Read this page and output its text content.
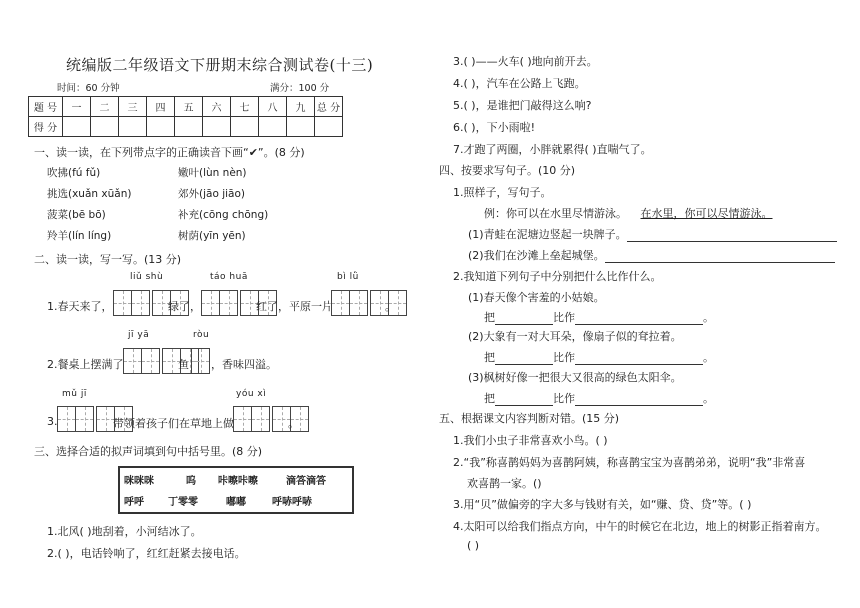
统编版二年级语文下册期末综合测试卷(十三)
时间：60 分钟	满分：100 分
题 号	一	二	三	四	五	六	七	八	九	总 分
得 分										
一、读一读，在下列带点字的正确读音下画“✔”。(8 分)
吹拂(fú fǔ)	嫩叶(lùn nèn)
挑选(xuǎn xūǎn)	郊外(jāo jiāo)
菠菜(bē bō)	补充(cōng chōng)
羚羊(lín líng)	树荫(yīn yēn)
二、读一读，写一写。(13 分)
liǔ shù	táo huā	bì lǜ
1.春天来了，	绿了，	红了，平原一片	。
jī yā	ròu
2.餐桌上摆满了	鱼 ，香味四溢。
mǔ jī	yóu xì
3.	带领着孩子们在草地上做	。
三、选择合适的拟声词填到句中括号里。(8 分)
咪咪咪	呜 咔嚓咔嚓	滴答滴答
呼呼 丁零零	嘟嘟	呼哧呼哧
1.北风( )地刮着，小河结冰了。
2.( )，电话铃响了，红红赶紧去接电话。
3.( )——火车( )地向前开去。
4.( )，汽车在公路上飞跑。
5.( )，是谁把门敲得这么响?
6.( )，下小雨啦!
7.才跑了两圈，小胖就累得( )直喘气了。
四、按要求写句子。(10 分)
1.照样子，写句子。
例：你可以在水里尽情游泳。 在水里，你可以尽情游泳。
(1)青蛙在泥塘边竖起一块牌子。
(2)我们在沙滩上垒起城堡。
2.我知道下列句子中分别把什么比作什么。
(1)春天像个害羞的小姑娘。
把	比作	。
(2)大象有一对大耳朵，像扇子似的耷拉着。
把	比作	。
(3)枫树好像一把很大又很高的绿色太阳伞。
把	比作	。
五、根据课文内容判断对错。(15 分)
1.我们小虫子非常喜欢小鸟。( )
2.“我”称喜鹊妈妈为喜鹊阿姨，称喜鹊宝宝为喜鹊弟弟，说明“我”非常喜
欢喜鹊一家。()
3.用“贝”做偏旁的字大多与钱财有关，如“赚、贷、贷”等。( )
4.太阳可以给我们指点方向，中午的时候它在北边，地上的树影正指着南方。
( )
